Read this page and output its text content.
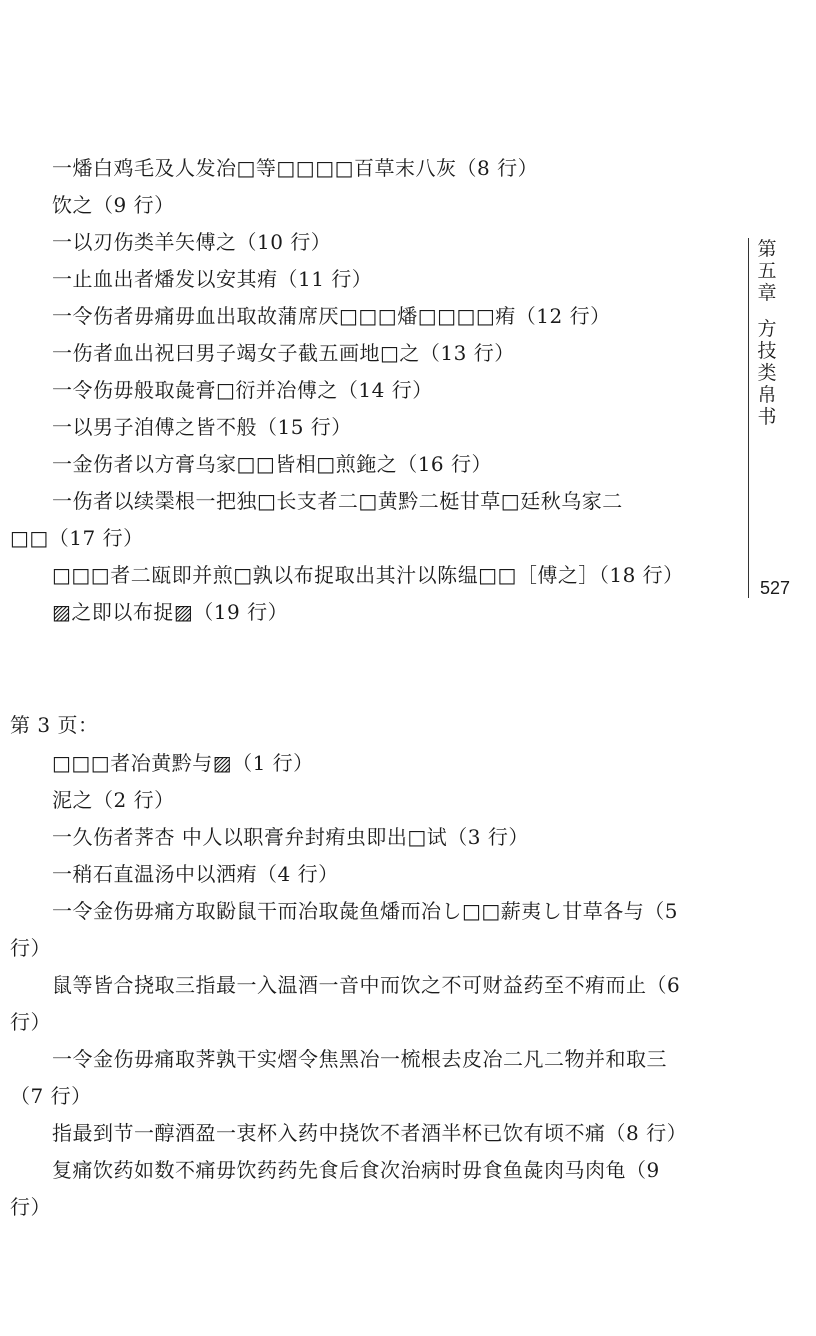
一燔白鸡毛及人发冶□等□□□□百草末八灰（8 行）
饮之（9 行）
一以刃伤类羊矢傅之（10 行）
一止血出者燔发以安其痏（11 行）
一令伤者毋痛毋血出取故蒲席厌□□□燔□□□□痏（12 行）
一伤者血出祝曰男子竭女子截五画地□之（13 行）
一令伤毋般取彘膏□衍并冶傅之（14 行）
一以男子洎傅之皆不般（15 行）
一金伤者以方膏乌家□□皆相□煎鉇之（16 行）
一伤者以续𪐺根一把独□长支者二□黄黔二梃甘草□廷秋乌家二
□□（17 行）
□□□者二瓯即并煎□孰以布捉取出其汁以陈缊□□［傅之］（18 行）
▨之即以布捉▨（19 行）
第 3 页：
□□□者冶黄黔与▨（1 行）
泥之（2 行）
一久伤者荠杏 中人以职膏弁封痏虫即出□试（3 行）
一稍石直温汤中以洒痏（4 行）
一令金伤毋痛方取鼢鼠干而冶取彘鱼燔而冶し□□薪夷し甘草各与（5
行）
鼠等皆合挠取三指最一入温酒一音中而饮之不可财益药至不痏而止（6
行）
一令金伤毋痛取荠孰干实熠令焦黑冶一梳根去皮冶二凡二物并和取三
（7 行）
指最到节一醇酒盈一衷杯入药中挠饮不者酒半杯已饮有顷不痛（8 行）
复痛饮药如数不痛毋饮药药先食后食次治病时毋食鱼彘肉马肉龟（9
行）
第
五
章
方
技
类
帛
书
527
